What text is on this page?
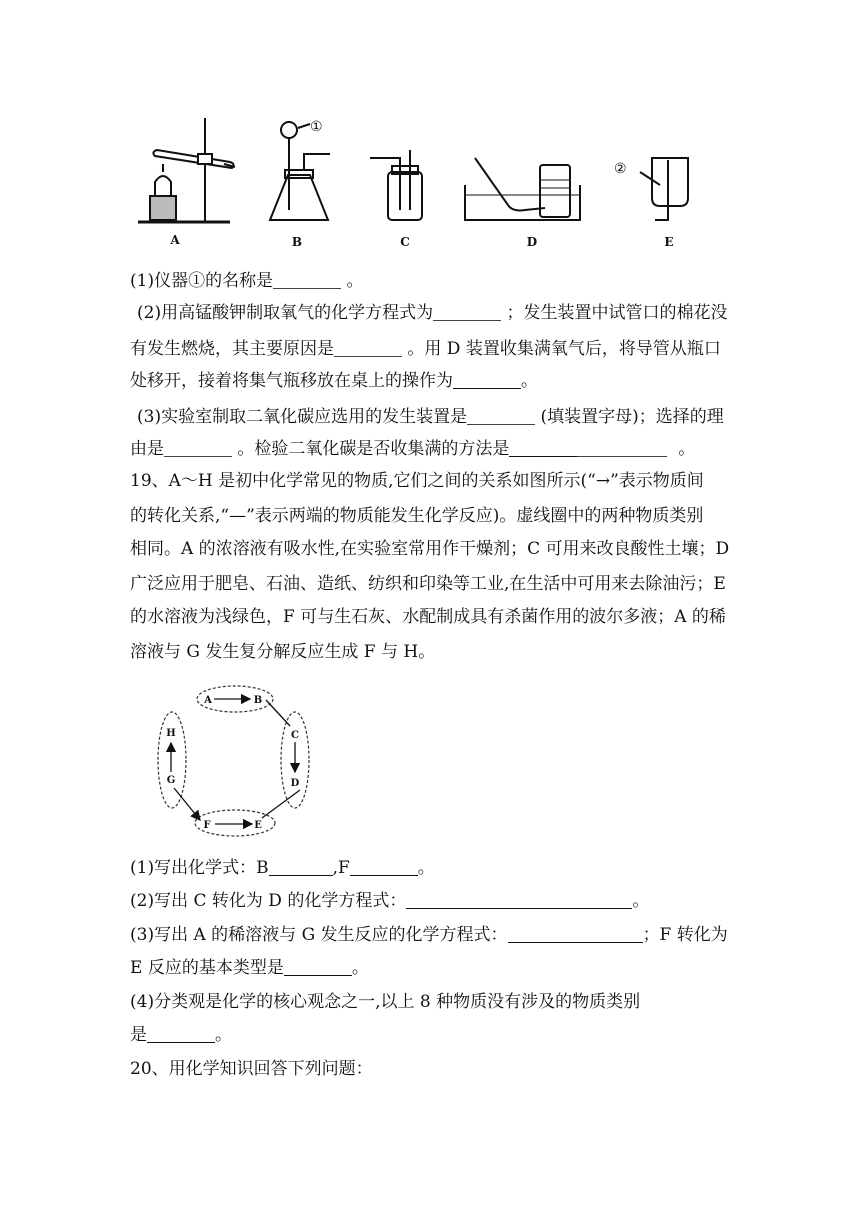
A	B	C	D	E
①
②
(1)仪器①的名称是	。
(2)用高锰酸钾制取氧气的化学方程式为	；发生装置中试管口的棉花没
有发生燃烧，其主要原因是	。用 D 装置收集满氧气后，将导管从瓶口
处移开，接着将集气瓶移放在桌上的操作为	。
(3)实验室制取二氧化碳应选用的发生装置是	(填装置字母)；选择的理
由是	。检验二氧化碳是否收集满的方法是	。
19、A～H 是初中化学常见的物质,它们之间的关系如图所示(“→”表示物质间
的转化关系,“—”表示两端的物质能发生化学反应)。虚线圈中的两种物质类别
相同。A 的浓溶液有吸水性,在实验室常用作干燥剂；C 可用来改良酸性土壤；D
广泛应用于肥皂、石油、造纸、纺织和印染等工业,在生活中可用来去除油污；E
的水溶液为浅绿色，F 可与生石灰、水配制成具有杀菌作用的波尔多液；A 的稀
溶液与 G 发生复分解反应生成 F 与 H。
A	B
C
D
E
F
G
H
(1)写出化学式：B	,F	。
(2)写出 C 转化为 D 的化学方程式：	。
(3)写出 A 的稀溶液与 G 发生反应的化学方程式：	；F 转化为
E 反应的基本类型是	。
(4)分类观是化学的核心观念之一,以上 8 种物质没有涉及的物质类别
是	。
20、用化学知识回答下列问题：
